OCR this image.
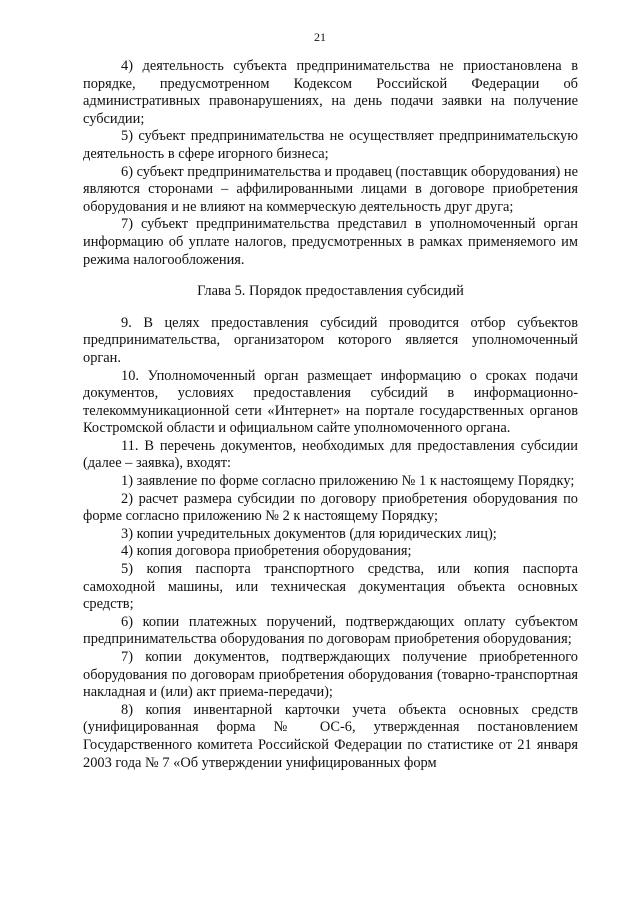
21

4) деятельность субъекта предпринимательства не приостановлена в порядке, предусмотренном Кодексом Российской Федерации об административных правонарушениях, на день подачи заявки на получение субсидии;

5) субъект предпринимательства не осуществляет предпринимательскую деятельность в сфере игорного бизнеса;

6) субъект предпринимательства и продавец (поставщик оборудования) не являются сторонами – аффилированными лицами в договоре приобретения оборудования и не влияют на коммерческую деятельность друг друга;

7) субъект предпринимательства представил в уполномоченный орган информацию об уплате налогов, предусмотренных в рамках применяемого им режима налогообложения.

Глава 5. Порядок предоставления субсидий

9. В целях предоставления субсидий проводится отбор субъектов предпринимательства, организатором которого является уполномоченный орган.

10. Уполномоченный орган размещает информацию о сроках подачи документов, условиях предоставления субсидий в информационно-телекоммуникационной сети «Интернет» на портале государственных органов Костромской области и официальном сайте уполномоченного органа.

11. В перечень документов, необходимых для предоставления субсидии (далее – заявка), входят:

1) заявление по форме согласно приложению № 1 к настоящему Порядку;

2) расчет размера субсидии по договору приобретения оборудования по форме согласно приложению № 2 к настоящему Порядку;

3) копии учредительных документов (для юридических лиц);

4) копия договора приобретения оборудования;

5) копия паспорта транспортного средства, или копия паспорта самоходной машины, или техническая документация объекта основных средств;

6) копии платежных поручений, подтверждающих оплату субъектом предпринимательства оборудования по договорам приобретения оборудования;

7) копии документов, подтверждающих получение приобретенного оборудования по договорам приобретения оборудования (товарно-транспортная накладная и (или) акт приема-передачи);

8) копия инвентарной карточки учета объекта основных средств (унифицированная форма № ОС-6, утвержденная постановлением Государственного комитета Российской Федерации по статистике от 21 января 2003 года № 7 «Об утверждении унифицированных форм
